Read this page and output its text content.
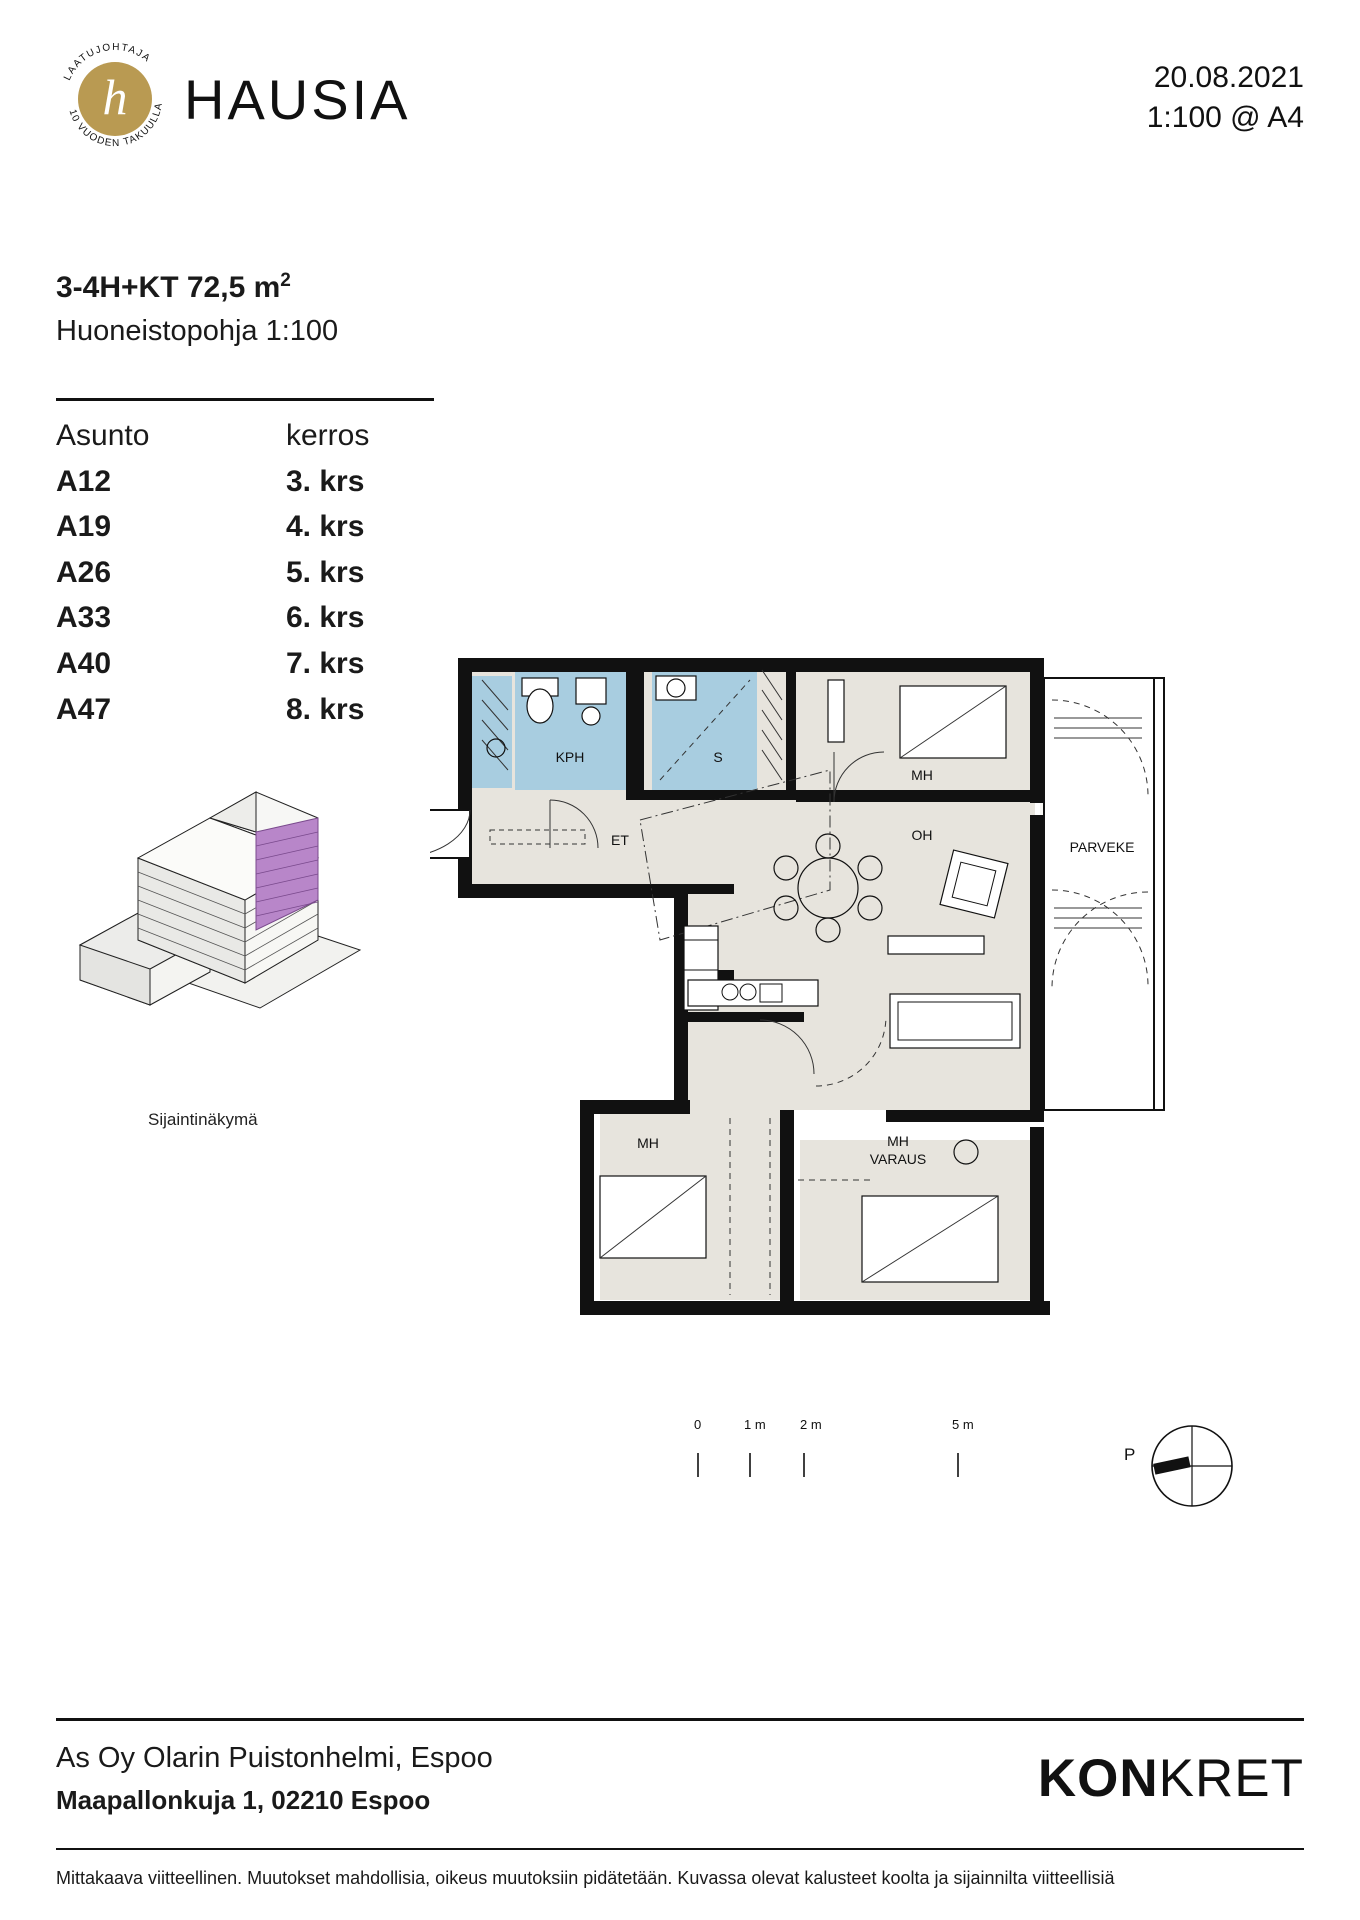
h
LAATUJOHTAJA
10 VUODEN TAKUULLA HAUSIA	20.08.2021
1:100 @ A4
3-4H+KT 72,5 $m^2$
Huoneistopohja 1:100
Asunto	kerros
A12	3. krs
A19	4. krs
A26	5. krs
A33	6. krs
A40	7. krs
A47	8. krs
Sijaintinäkymä
PARVEKE
KPH	S
ET
MH
OH
MH	MH
VARAUS
0	1 m	2 m	5 m
P
As Oy Olarin Puistonhelmi, Espoo
Maapallonkuja 1, 02210 Espoo	KONKRET
Mittakaava viitteellinen. Muutokset mahdollisia, oikeus muutoksiin pidätetään. Kuvassa olevat kalusteet koolta ja sijainnilta viitteellisiä
